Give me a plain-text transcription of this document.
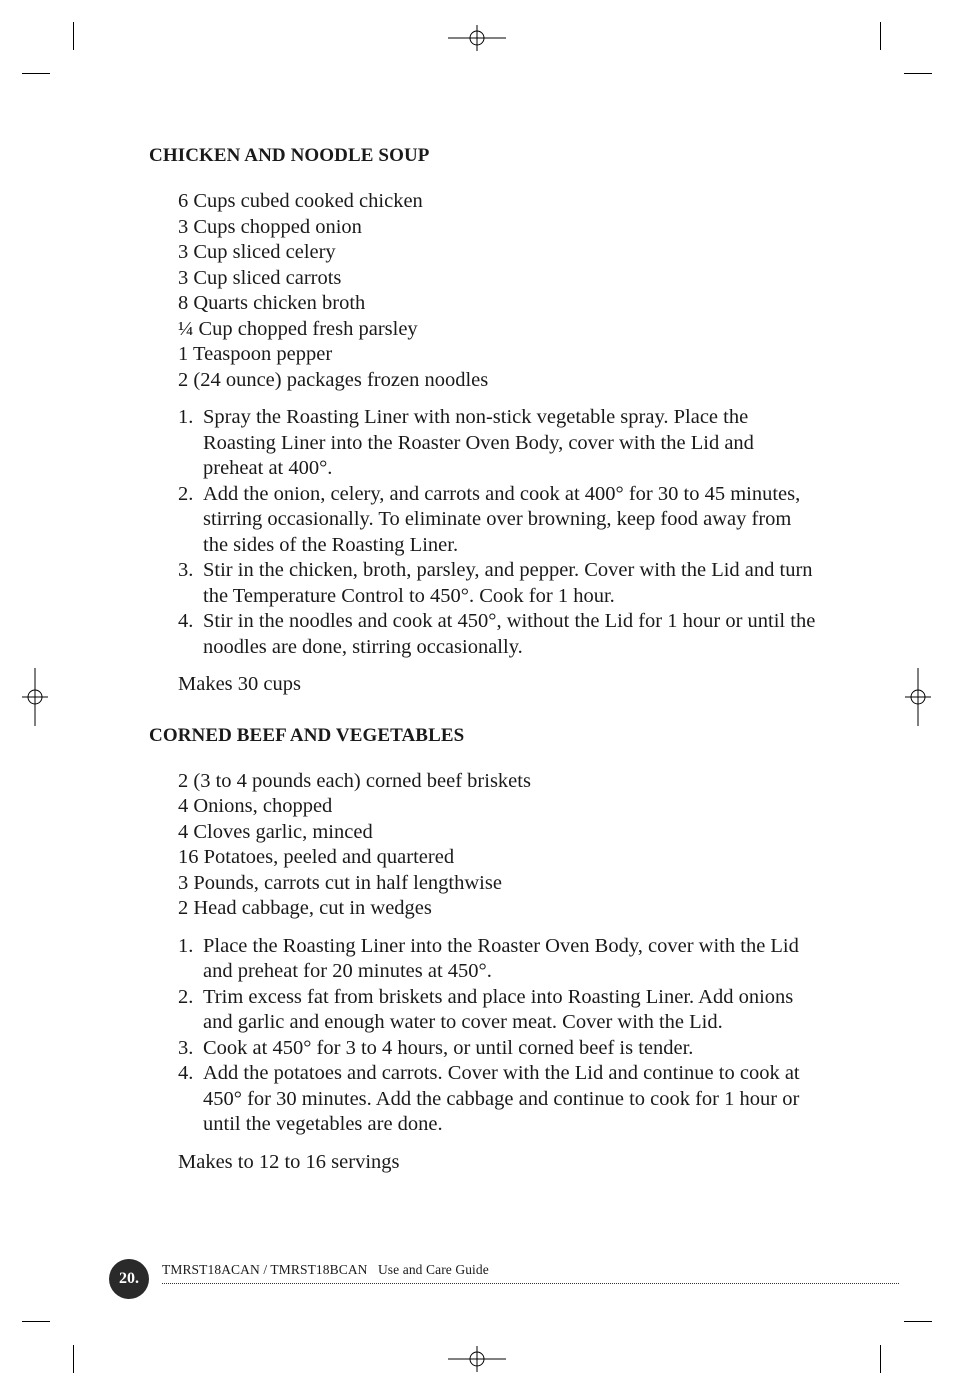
CHICKEN AND NOODLE SOUP
6 Cups cubed cooked chicken
3 Cups chopped onion
3 Cup sliced celery
3 Cup sliced carrots
8 Quarts chicken broth
¼ Cup chopped fresh parsley
1 Teaspoon pepper
2 (24 ounce) packages frozen noodles
1. Spray the Roasting Liner with non-stick vegetable spray. Place the Roasting Liner into the Roaster Oven Body, cover with the Lid and preheat at 400°.
2. Add the onion, celery, and carrots and cook at 400° for 30 to 45 minutes, stirring occasionally. To eliminate over browning, keep food away from the sides of the Roasting Liner.
3. Stir in the chicken, broth, parsley, and pepper. Cover with the Lid and turn the Temperature Control to 450°. Cook for 1 hour.
4. Stir in the noodles and cook at 450°, without the Lid for 1 hour or until the noodles are done, stirring occasionally.

Makes 30 cups

CORNED BEEF AND VEGETABLES
2 (3 to 4 pounds each) corned beef briskets
4 Onions, chopped
4 Cloves garlic, minced
16 Potatoes, peeled and quartered
3 Pounds, carrots cut in half lengthwise
2 Head cabbage, cut in wedges
1. Place the Roasting Liner into the Roaster Oven Body, cover with the Lid and preheat for 20 minutes at 450°.
2. Trim excess fat from briskets and place into Roasting Liner. Add onions and garlic and enough water to cover meat. Cover with the Lid.
3. Cook at 450° for 3 to 4 hours, or until corned beef is tender.
4. Add the potatoes and carrots. Cover with the Lid and continue to cook at 450° for 30 minutes. Add the cabbage and continue to cook for 1 hour or until the vegetables are done.

Makes to 12 to 16 servings

20.
TMRST18ACAN / TMRST18BCAN   Use and Care Guide
